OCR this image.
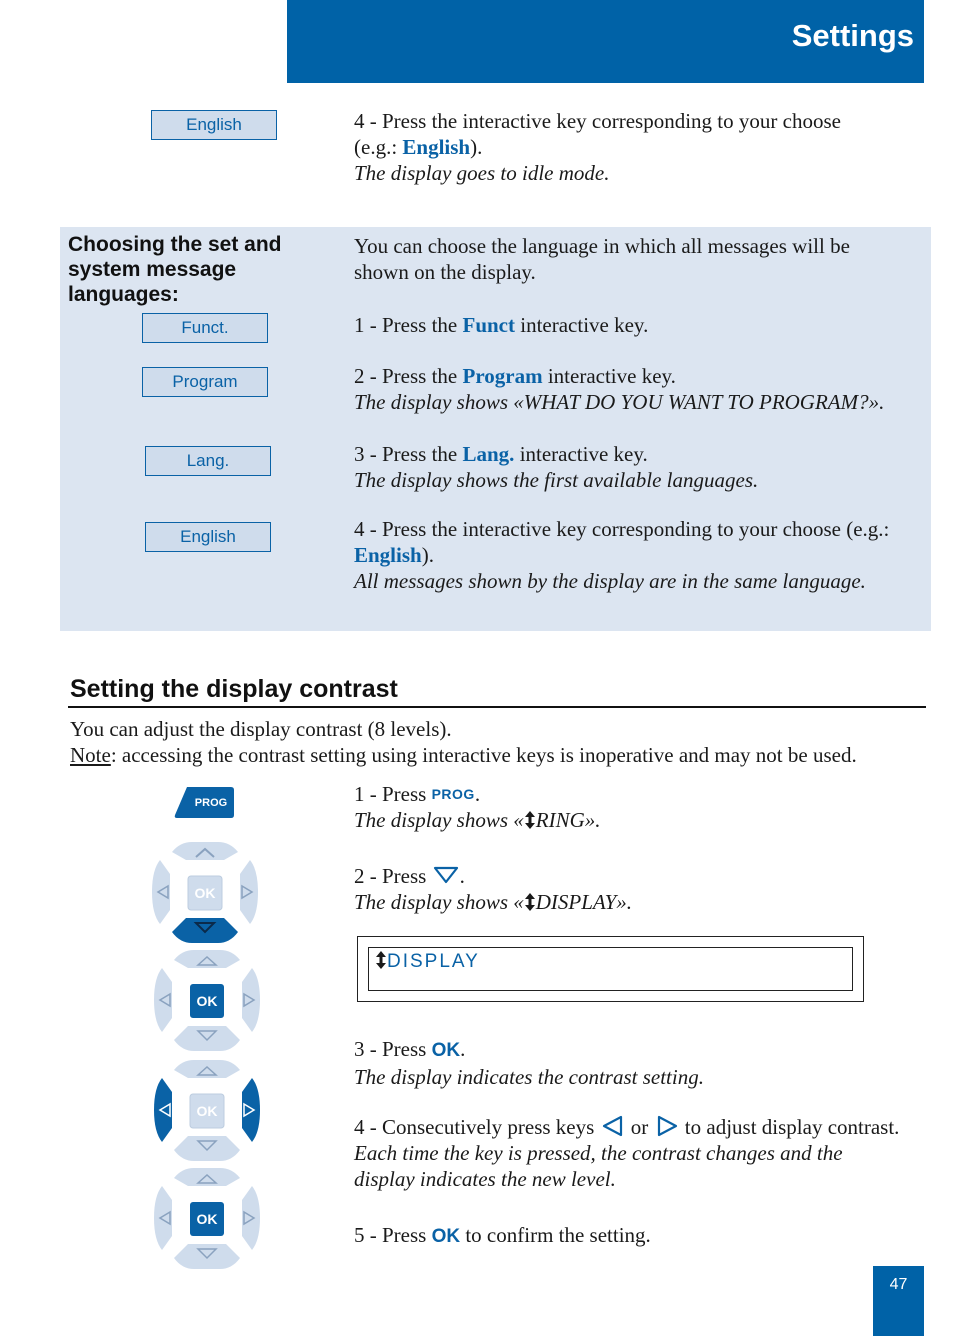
Settings
English	4 - Press the interactive key corresponding to your choose
(e.g.: English).
The display goes to idle mode.
Choosing the set and system message languages:
Funct.
Program
Lang.
English
You can choose the language in which all messages will be
shown on the display.
1 - Press the Funct interactive key.
2 - Press the Program interactive key.
The display shows «WHAT DO YOU WANT TO PROGRAM?».
3 - Press the Lang. interactive key.
The display shows the first available languages.
4 - Press the interactive key corresponding to your choose (e.g.:
English).
All messages shown by the display are in the same language.
Setting the display contrast
You can adjust the display contrast (8 levels).
Note: accessing the contrast setting using interactive keys is inoperative and may not be used.
PROG
OK
OK
OK
OK
1 - Press PROG.
The display shows « RING».
2 - Press .
The display shows « DISPLAY».
DISPLAY
3 - Press OK.
The display indicates the contrast setting.
4 - Consecutively press keys  or  to adjust display contrast.
Each time the key is pressed, the contrast changes and the
display indicates the new level.
5 - Press OK to confirm the setting.
47
